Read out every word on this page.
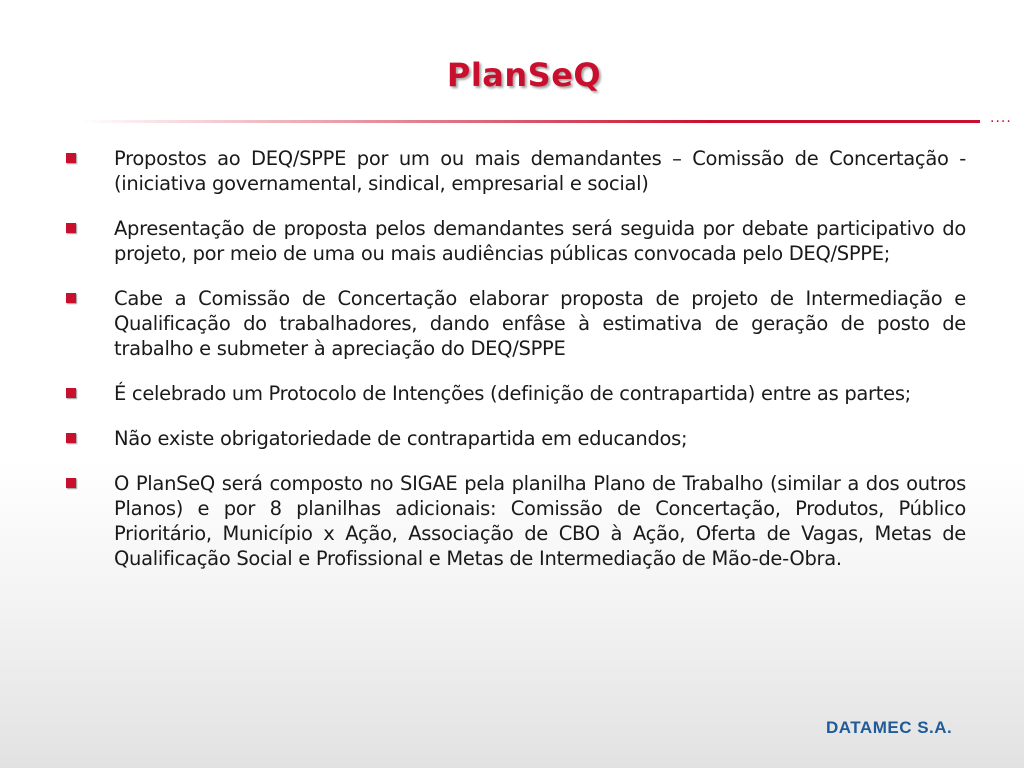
PlanSeQ
....
Propostos ao DEQ/SPPE por um ou mais demandantes – Comissão de Concertação - (iniciativa governamental, sindical, empresarial e social)
Apresentação de proposta pelos demandantes será seguida por debate participativo do projeto, por meio de uma ou mais audiências públicas convocada pelo DEQ/SPPE;
Cabe a Comissão de Concertação elaborar proposta de projeto de Intermediação e Qualificação do trabalhadores, dando enfâse à estimativa de geração de posto de trabalho e submeter à apreciação do DEQ/SPPE
É celebrado um Protocolo de Intenções (definição de contrapartida) entre as partes;
Não existe obrigatoriedade de contrapartida em educandos;
O PlanSeQ será composto no SIGAE pela planilha Plano de Trabalho (similar a dos outros Planos) e por 8 planilhas adicionais: Comissão de Concertação, Produtos, Público Prioritário, Município x Ação, Associação de CBO à Ação, Oferta de Vagas, Metas de Qualificação Social e Profissional e Metas de Intermediação de Mão-de-Obra.
DATAMEC S.A.
